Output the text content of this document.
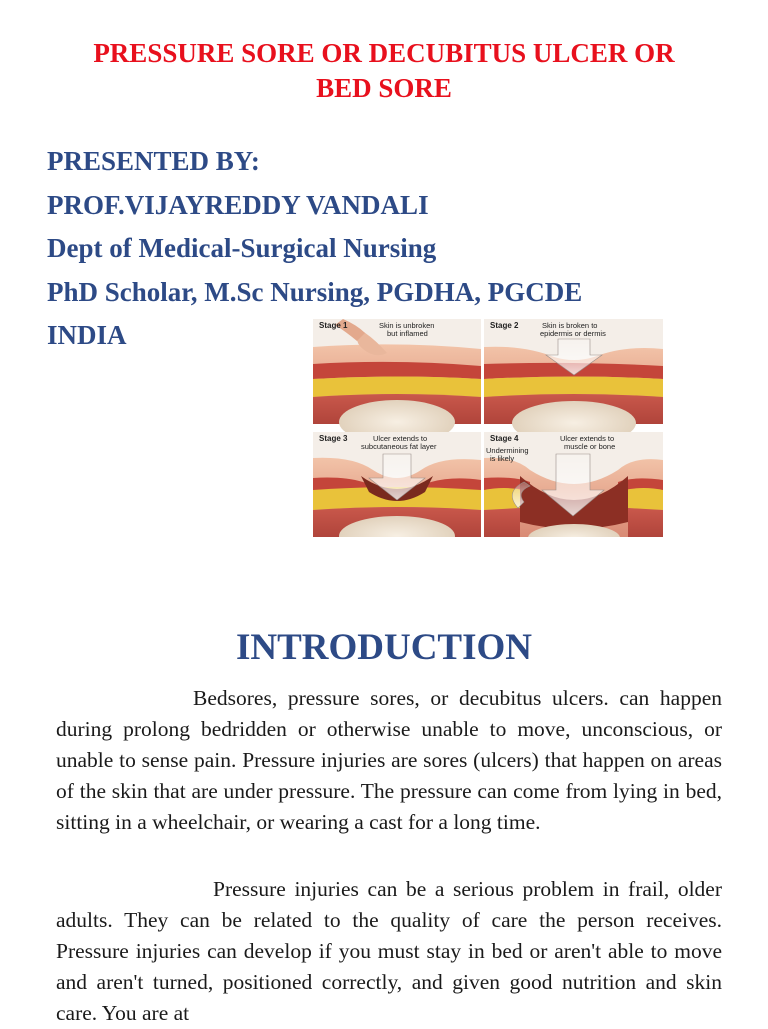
PRESSURE SORE OR DECUBITUS ULCER OR
BED SORE
PRESENTED BY:
PROF.VIJAYREDDY VANDALI
Dept of Medical-Surgical Nursing
PhD Scholar, M.Sc Nursing, PGDHA, PGCDE
INDIA	Stage 1	Skin is unbroken
but inflamed
Stage 2	Skin is broken to
epidermis or dermis
Stage 3	Ulcer extends to
subcutaneous fat layer
Stage 4	Ulcer extends to
muscle or bone
Undermining
is likely
INTRODUCTION

Bedsores, pressure sores, or decubitus ulcers. can happen during prolong bedridden or otherwise unable to move, unconscious, or unable to sense pain. Pressure injuries are sores (ulcers) that happen on areas of the skin that are under pressure. The pressure can come from lying in bed, sitting in a wheelchair, or wearing a cast for a long time.

Pressure injuries can be a serious problem in frail, older adults. They can be related to the quality of care the person receives. Pressure injuries can develop if you must stay in bed or aren't able to move and aren't turned, positioned correctly, and given good nutrition and skin care. You are at
